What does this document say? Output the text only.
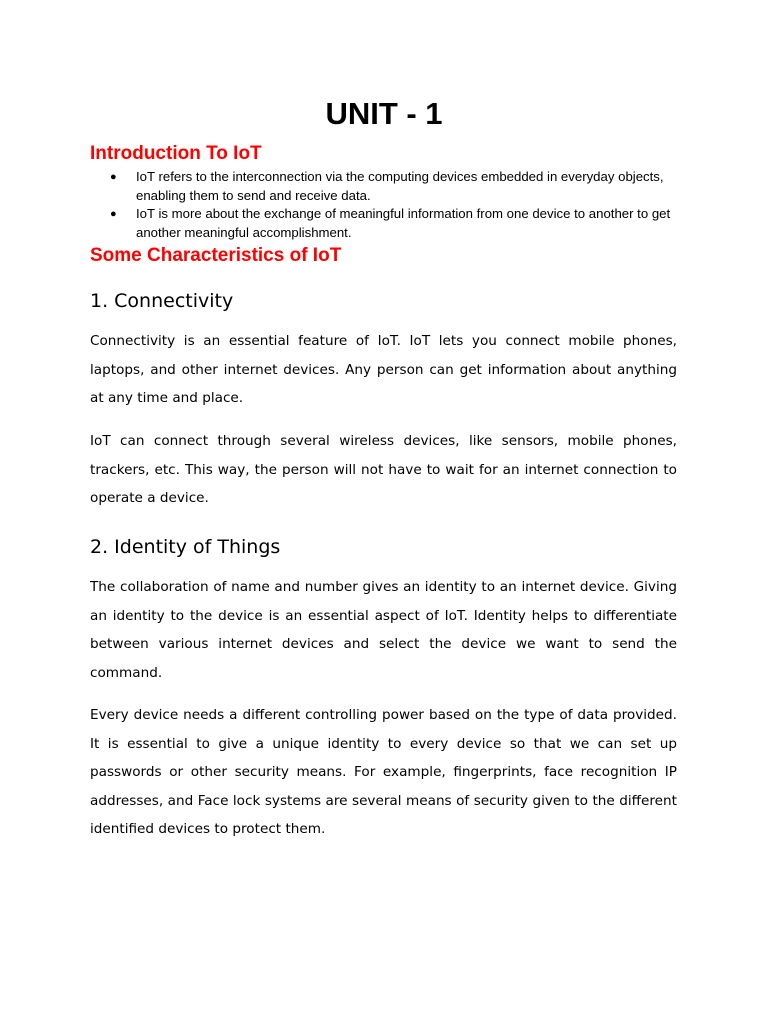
UNIT - 1
Introduction To IoT
● IoT refers to the interconnection via the computing devices embedded in everyday objects, enabling them to send and receive data.
● IoT is more about the exchange of meaningful information from one device to another to get another meaningful accomplishment.
Some Characteristics of IoT
1. Connectivity

Connectivity is an essential feature of IoT. IoT lets you connect mobile phones, laptops, and other internet devices. Any person can get information about anything at any time and place.

IoT can connect through several wireless devices, like sensors, mobile phones, trackers, etc. This way, the person will not have to wait for an internet connection to operate a device.

2. Identity of Things

The collaboration of name and number gives an identity to an internet device. Giving an identity to the device is an essential aspect of IoT. Identity helps to differentiate between various internet devices and select the device we want to send the command.

Every device needs a different controlling power based on the type of data provided. It is essential to give a unique identity to every device so that we can set up passwords or other security means. For example, fingerprints, face recognition IP addresses, and Face lock systems are several means of security given to the different identified devices to protect them.
